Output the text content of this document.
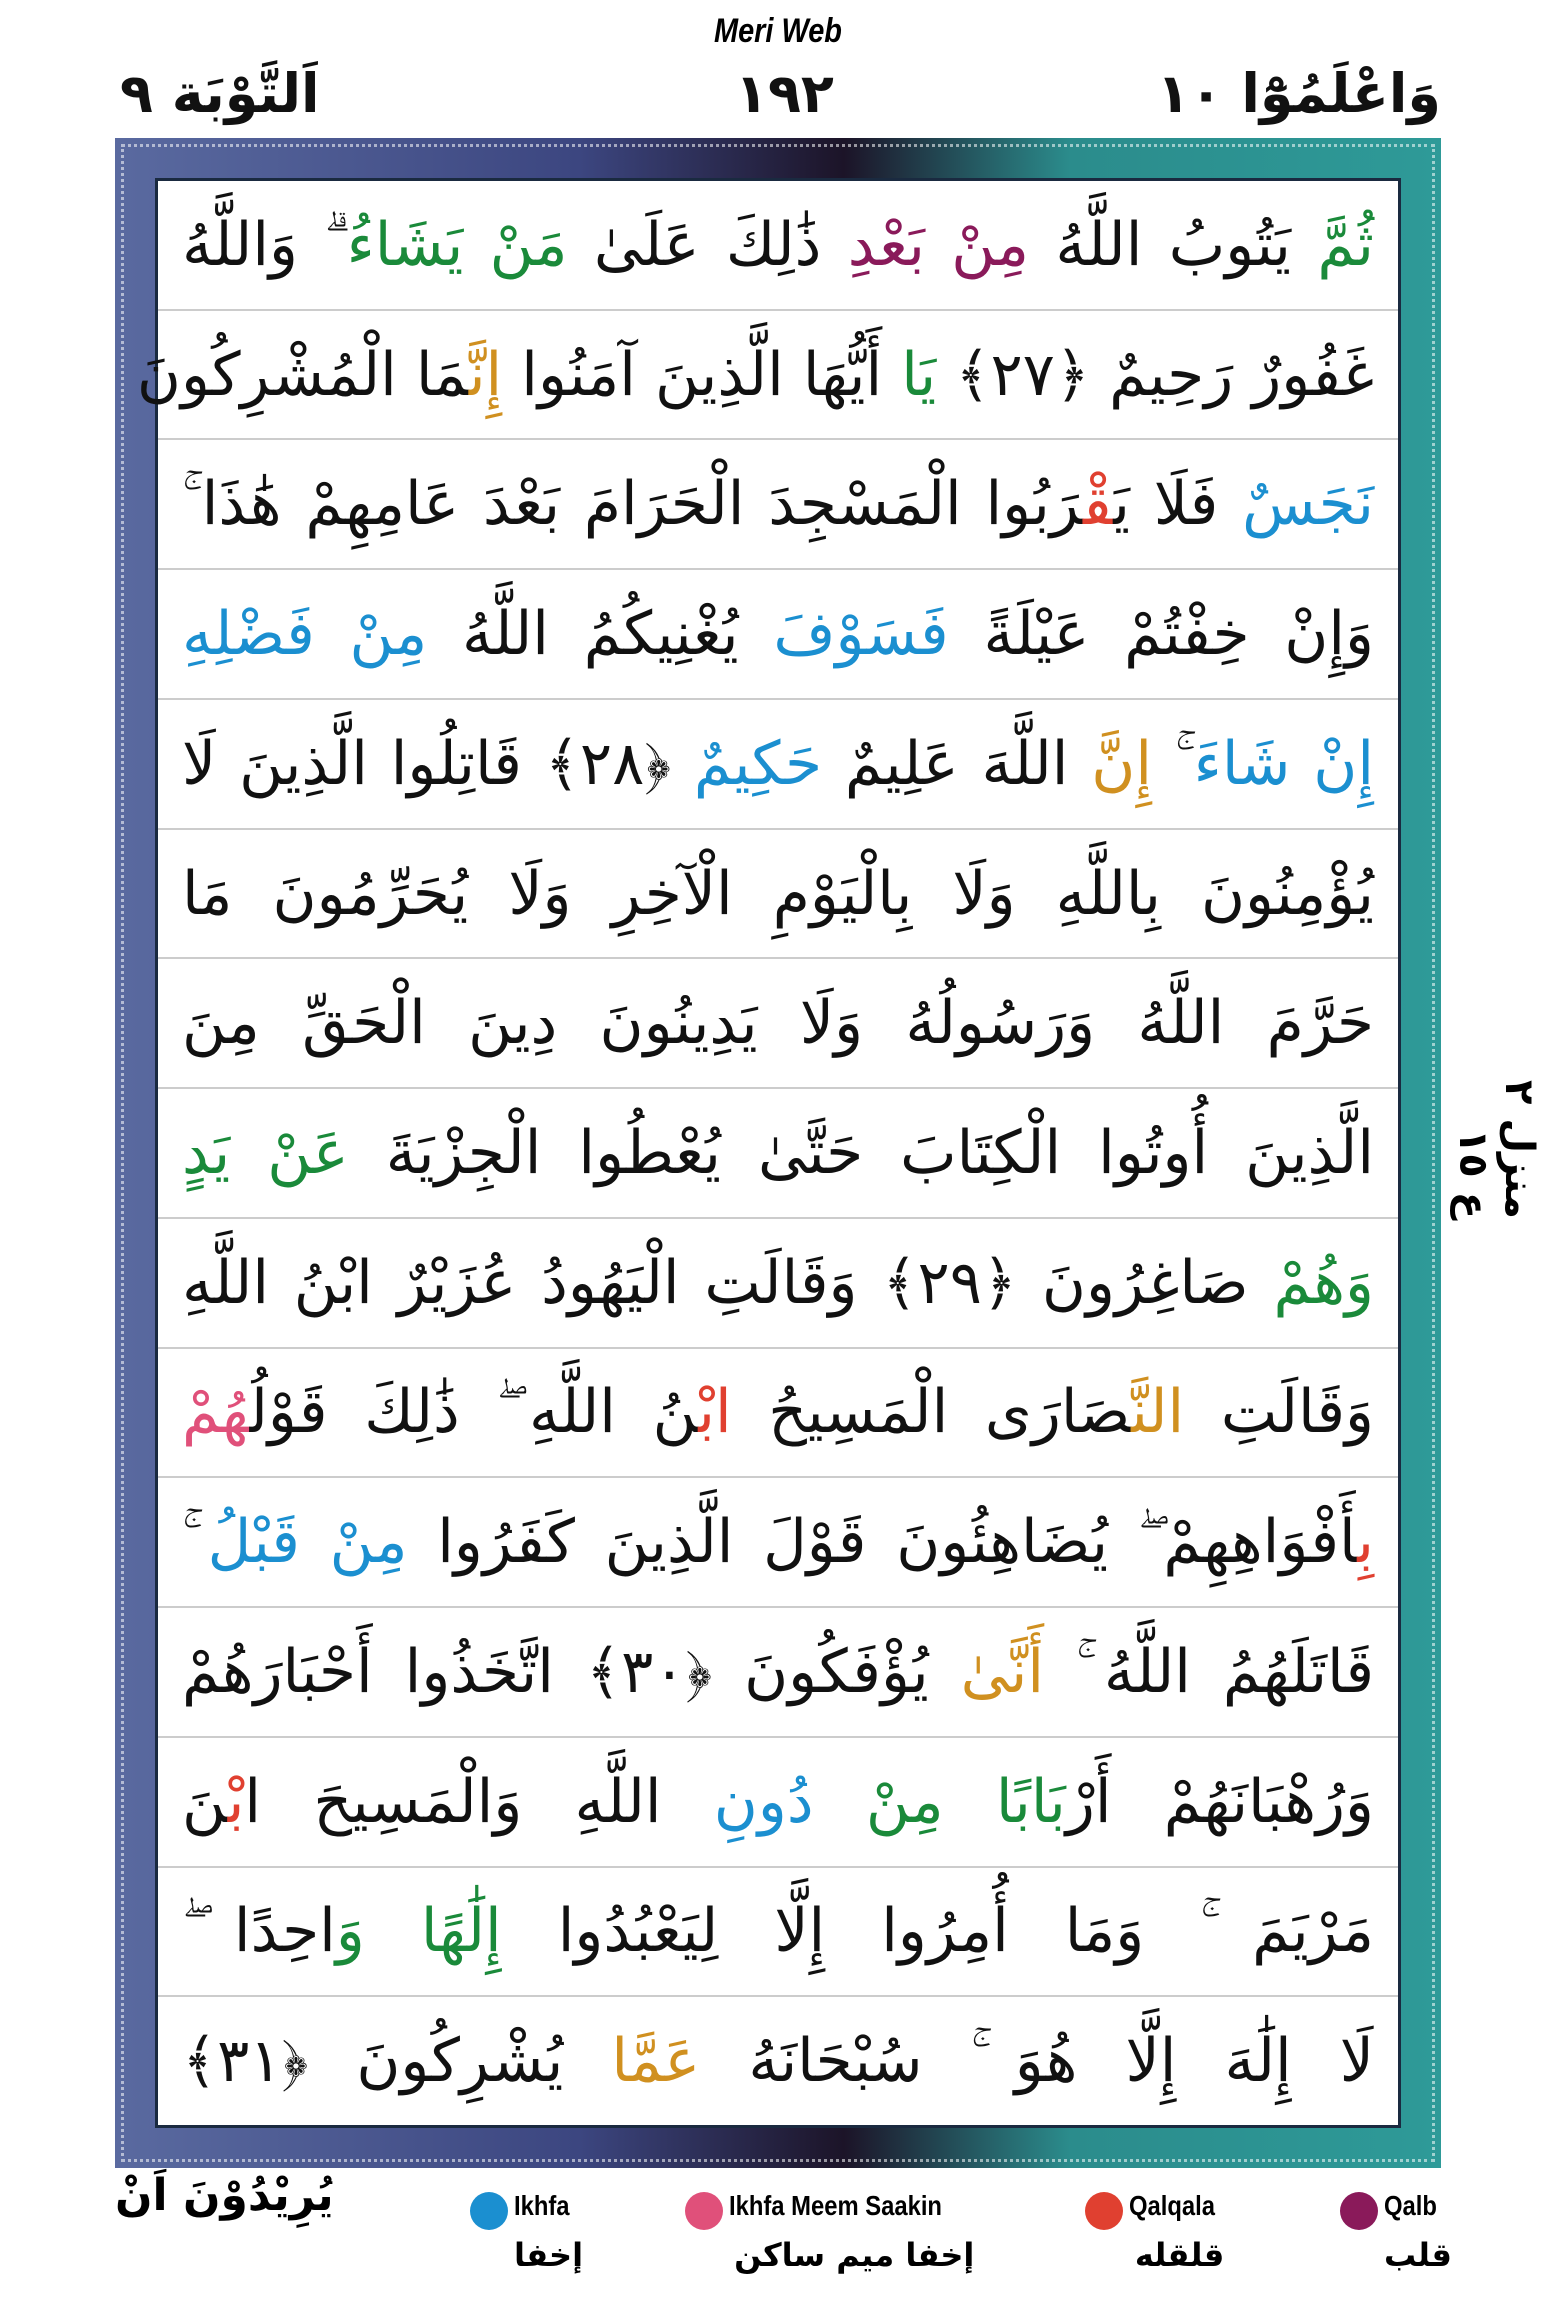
Meri Web
وَاعْلَمُوْٓا ١٠
١٩٢
اَلتَّوْبَة ٩
ثُمَّ يَتُوبُ اللَّهُ مِنْ بَعْدِ ذَٰلِكَ عَلَىٰ مَنْ يَشَاءُ ۗ وَاللَّهُ
غَفُورٌ رَحِيمٌ ﴿٢٧﴾ يَا أَيُّهَا الَّذِينَ آمَنُوا إِنَّمَا الْمُشْرِكُونَ
نَجَسٌ فَلَا يَقْرَبُوا الْمَسْجِدَ الْحَرَامَ بَعْدَ عَامِهِمْ هَٰذَا ۚ
وَإِنْ خِفْتُمْ عَيْلَةً فَسَوْفَ يُغْنِيكُمُ اللَّهُ مِنْ فَضْلِهِ
إِنْ شَاءَ ۚ إِنَّ اللَّهَ عَلِيمٌ حَكِيمٌ ﴿٢٨﴾ قَاتِلُوا الَّذِينَ لَا
يُؤْمِنُونَ بِاللَّهِ وَلَا بِالْيَوْمِ الْآخِرِ وَلَا يُحَرِّمُونَ مَا
حَرَّمَ اللَّهُ وَرَسُولُهُ وَلَا يَدِينُونَ دِينَ الْحَقِّ مِنَ
الَّذِينَ أُوتُوا الْكِتَابَ حَتَّىٰ يُعْطُوا الْجِزْيَةَ عَنْ يَدٍ
وَهُمْ صَاغِرُونَ ﴿٢٩﴾ وَقَالَتِ الْيَهُودُ عُزَيْرٌ ابْنُ اللَّهِ
وَقَالَتِ النَّصَارَى الْمَسِيحُ ابْنُ اللَّهِ ۖ ذَٰلِكَ قَوْلُهُمْ
بِأَفْوَاهِهِمْ ۖ يُضَاهِئُونَ قَوْلَ الَّذِينَ كَفَرُوا مِنْ قَبْلُ ۚ
قَاتَلَهُمُ اللَّهُ ۚ أَنَّىٰ يُؤْفَكُونَ ﴿٣٠﴾ اتَّخَذُوا أَحْبَارَهُمْ
وَرُهْبَانَهُمْ أَرْبَابًا مِنْ دُونِ اللَّهِ وَالْمَسِيحَ ابْنَ
مَرْيَمَ ۚ وَمَا أُمِرُوا إِلَّا لِيَعْبُدُوا إِلَٰهًا وَاحِدًا ۖ
لَا إِلَٰهَ إِلَّا هُوَ ۚ سُبْحَانَهُ عَمَّا يُشْرِكُونَ ﴿٣١﴾
منزل ٢
ع ١٥
يُرِيْدُوْنَ اَنْ	Ikhfa
إخفا
Ikhfa Meem Saakin
إخفا ميم ساكن
Qalqala
قلقله
Qalb
قلب
